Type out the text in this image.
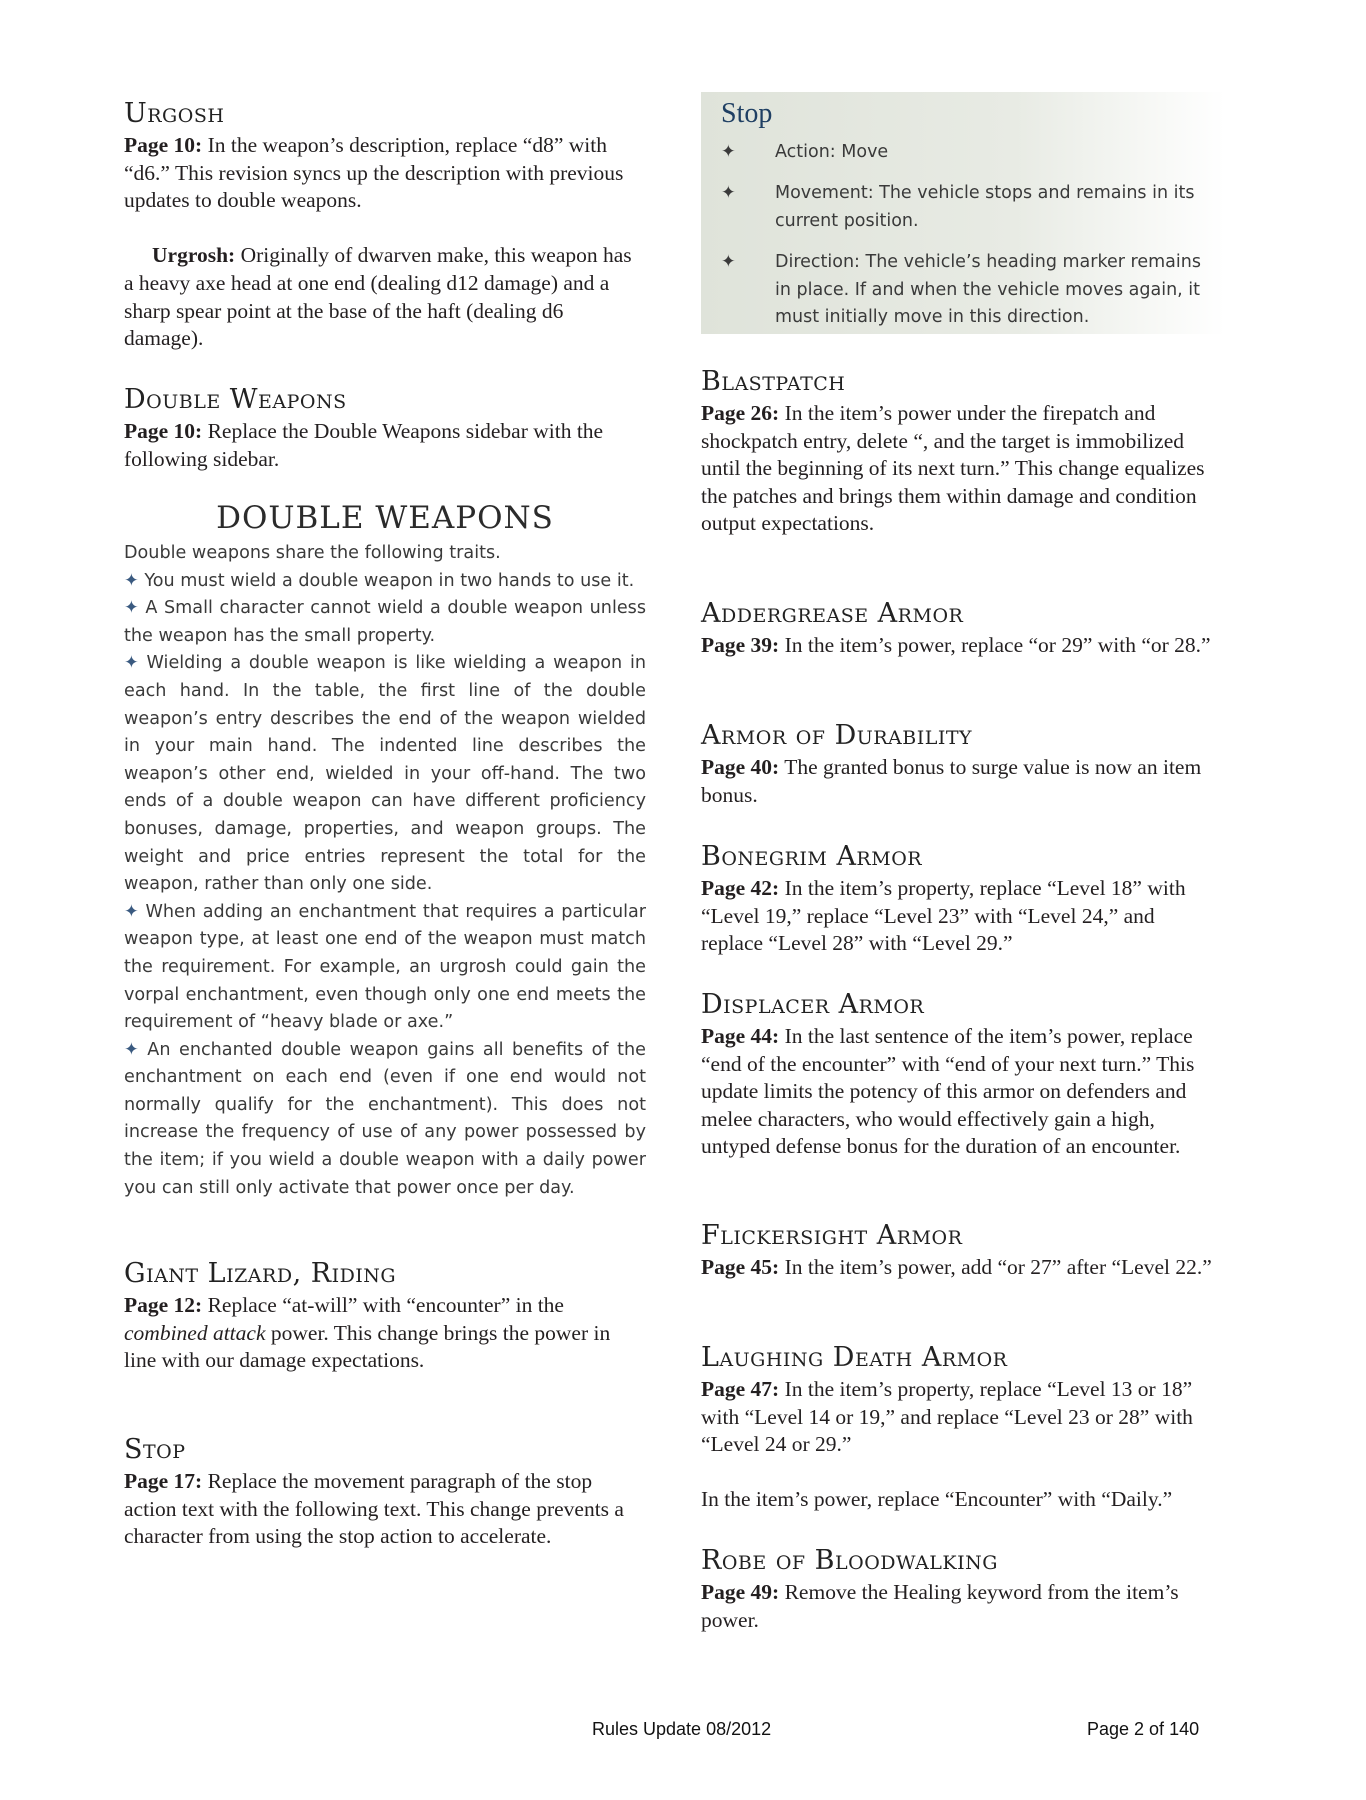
Urgosh

Page 10: In the weapon’s description, replace “d8” with “d6.” This revision syncs up the description with previous updates to double weapons.

Urgrosh: Originally of dwarven make, this weapon has a heavy axe head at one end (dealing d12 damage) and a sharp spear point at the base of the haft (dealing d6 damage).

Double Weapons

Page 10: Replace the Double Weapons sidebar with the following sidebar.

DOUBLE WEAPONS

Double weapons share the following traits.

✦ You must wield a double weapon in two hands to use it.

✦ A Small character cannot wield a double weapon unless the weapon has the small property.

✦ Wielding a double weapon is like wielding a weapon in each hand. In the table, the first line of the double weapon’s entry describes the end of the weapon wielded in your main hand. The indented line describes the weapon’s other end, wielded in your off-hand. The two ends of a double weapon can have different proficiency bonuses, damage, properties, and weapon groups. The weight and price entries represent the total for the weapon, rather than only one side.

✦ When adding an enchantment that requires a particular weapon type, at least one end of the weapon must match the requirement. For example, an urgrosh could gain the vorpal enchantment, even though only one end meets the requirement of “heavy blade or axe.”

✦ An enchanted double weapon gains all benefits of the enchantment on each end (even if one end would not normally qualify for the enchantment). This does not increase the frequency of use of any power possessed by the item; if you wield a double weapon with a daily power you can still only activate that power once per day.

Giant Lizard, Riding

Page 12: Replace “at-will” with “encounter” in the combined attack power. This change brings the power in line with our damage expectations.

Stop

Page 17: Replace the movement paragraph of the stop action text with the following text. This change prevents a character from using the stop action to accelerate.

Stop
✦ Action: Move
✦ Movement: The vehicle stops and remains in its current position.
✦ Direction: The vehicle’s heading marker remains in place. If and when the vehicle moves again, it must initially move in this direction.
Blastpatch

Page 26: In the item’s power under the firepatch and shockpatch entry, delete “, and the target is immobilized until the beginning of its next turn.” This change equalizes the patches and brings them within damage and condition output expectations.

Addergrease Armor

Page 39: In the item’s power, replace “or 29” with “or 28.”

Armor of Durability

Page 40: The granted bonus to surge value is now an item bonus.

Bonegrim Armor

Page 42: In the item’s property, replace “Level 18” with “Level 19,” replace “Level 23” with “Level 24,” and replace “Level 28” with “Level 29.”

Displacer Armor

Page 44: In the last sentence of the item’s power, replace “end of the encounter” with “end of your next turn.” This update limits the potency of this armor on defenders and melee characters, who would effectively gain a high, untyped defense bonus for the duration of an encounter.

Flickersight Armor

Page 45: In the item’s power, add “or 27” after “Level 22.”

Laughing Death Armor

Page 47: In the item’s property, replace “Level 13 or 18” with “Level 14 or 19,” and replace “Level 23 or 28” with “Level 24 or 29.”

In the item’s power, replace “Encounter” with “Daily.”

Robe of Bloodwalking

Page 49: Remove the Healing keyword from the item’s power.

Rules Update 08/2012	Page 2 of 140
